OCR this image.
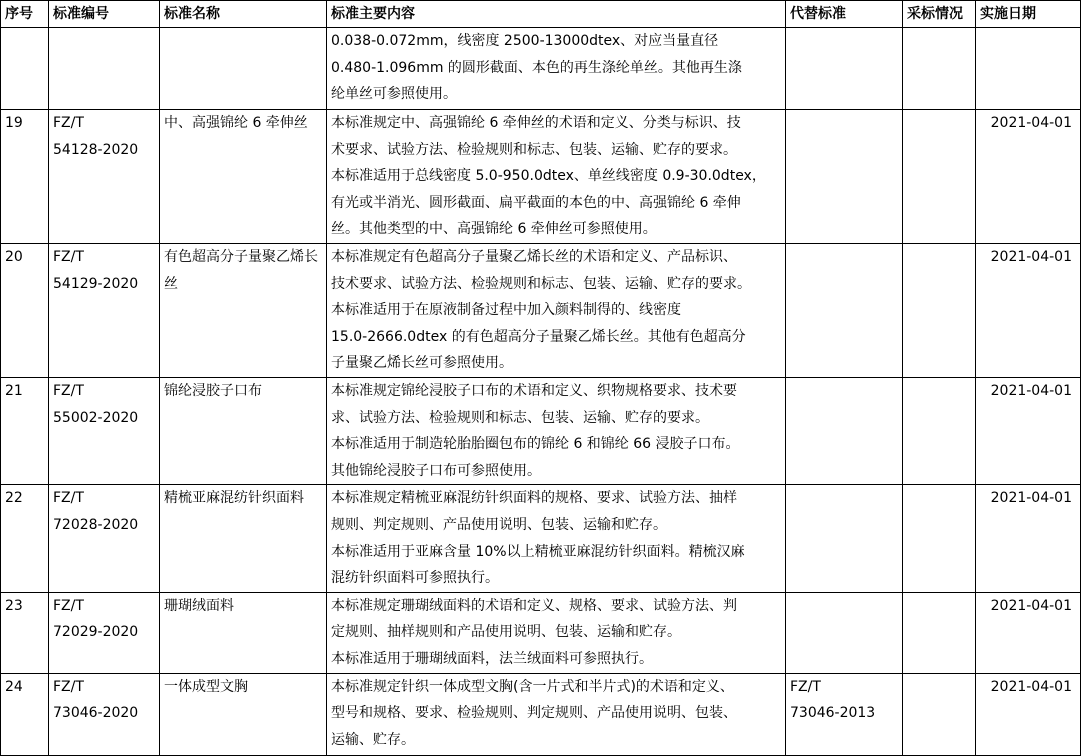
序号	标准编号	标准名称	标准主要内容	代替标准	采标情况	实施日期

			0.038-0.072mm，线密度 2500-13000dtex、对应当量直径
0.480-1.096mm 的圆形截面、本色的再生涤纶单丝。其他再生涤
纶单丝可参照使用。			

19	FZ/T
54128-2020	中、高强锦纶 6 牵伸丝	本标准规定中、高强锦纶 6 牵伸丝的术语和定义、分类与标识、技
术要求、试验方法、检验规则和标志、包装、运输、贮存的要求。
本标准适用于总线密度 5.0-950.0dtex、单丝线密度 0.9-30.0dtex，
有光或半消光、圆形截面、扁平截面的本色的中、高强锦纶 6 牵伸
丝。其他类型的中、高强锦纶 6 牵伸丝可参照使用。			2021-04-01
20	FZ/T
54129-2020	有色超高分子量聚乙烯长丝	本标准规定有色超高分子量聚乙烯长丝的术语和定义、产品标识、
技术要求、试验方法、检验规则和标志、包装、运输、贮存的要求。
本标准适用于在原液制备过程中加入颜料制得的、线密度
15.0-2666.0dtex 的有色超高分子量聚乙烯长丝。其他有色超高分
子量聚乙烯长丝可参照使用。			2021-04-01
21	FZ/T
55002-2020	锦纶浸胶子口布	本标准规定锦纶浸胶子口布的术语和定义、织物规格要求、技术要
求、试验方法、检验规则和标志、包装、运输、贮存的要求。
本标准适用于制造轮胎胎圈包布的锦纶 6 和锦纶 66 浸胶子口布。
其他锦纶浸胶子口布可参照使用。			2021-04-01
22	FZ/T
72028-2020	精梳亚麻混纺针织面料	本标准规定精梳亚麻混纺针织面料的规格、要求、试验方法、抽样
规则、判定规则、产品使用说明、包装、运输和贮存。
本标准适用于亚麻含量 10%以上精梳亚麻混纺针织面料。精梳汉麻
混纺针织面料可参照执行。			2021-04-01
23	FZ/T
72029-2020	珊瑚绒面料	本标准规定珊瑚绒面料的术语和定义、规格、要求、试验方法、判
定规则、抽样规则和产品使用说明、包装、运输和贮存。
本标准适用于珊瑚绒面料，法兰绒面料可参照执行。			2021-04-01
24	FZ/T
73046-2020	一体成型文胸	本标准规定针织一体成型文胸(含一片式和半片式)的术语和定义、
型号和规格、要求、检验规则、判定规则、产品使用说明、包装、
运输、贮存。	FZ/T
73046-2013		2021-04-01
